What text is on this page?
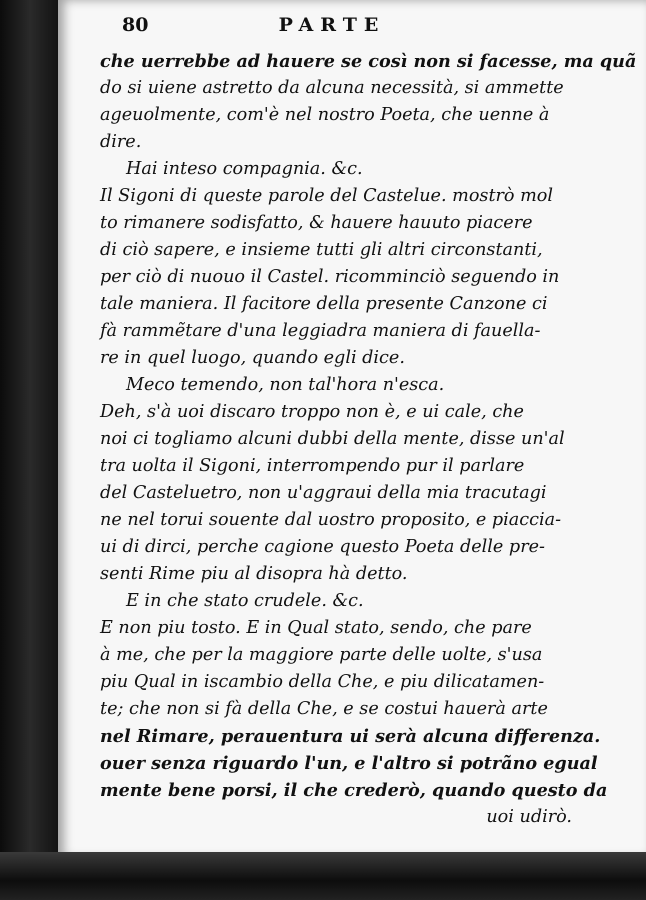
80	PARTE
che uerrebbe ad hauere se così non si facesse, ma quã
do si uiene astretto da alcuna necessità, si ammette
ageuolmente, com'è nel nostro Poeta, che uenne à
dire.
Hai inteso compagnia. &c.
Il Sigoni di queste parole del Castelue. mostrò mol
to rimanere sodisfatto, & hauere hauuto piacere
di ciò sapere, e insieme tutti gli altri circonstanti,
per ciò di nuouo il Castel. ricomminciò seguendo in
tale maniera. Il facitore della presente Canzone ci
fà rammẽtare d'una leggiadra maniera di fauella-
re in quel luogo, quando egli dice.
Meco temendo, non tal'hora n'esca.
Deh, s'à uoi discaro troppo non è, e ui cale, che
noi ci togliamo alcuni dubbi della mente, disse un'al
tra uolta il Sigoni, interrompendo pur il parlare
del Casteluetro, non u'aggraui della mia tracutagi
ne nel torui souente dal uostro proposito, e piaccia-
ui di dirci, perche cagione questo Poeta delle pre-
senti Rime piu al disopra hà detto.
E in che stato crudele. &c.
E non piu tosto. E in Qual stato, sendo, che pare
à me, che per la maggiore parte delle uolte, s'usa
piu Qual in iscambio della Che, e piu dilicatamen-
te; che non si fà della Che, e se costui hauerà arte
nel Rimare, perauentura ui serà alcuna differenza.
ouer senza riguardo l'un, e l'altro si potrãno egual
mente bene porsi, il che crederò, quando questo da
uoi udirò.
